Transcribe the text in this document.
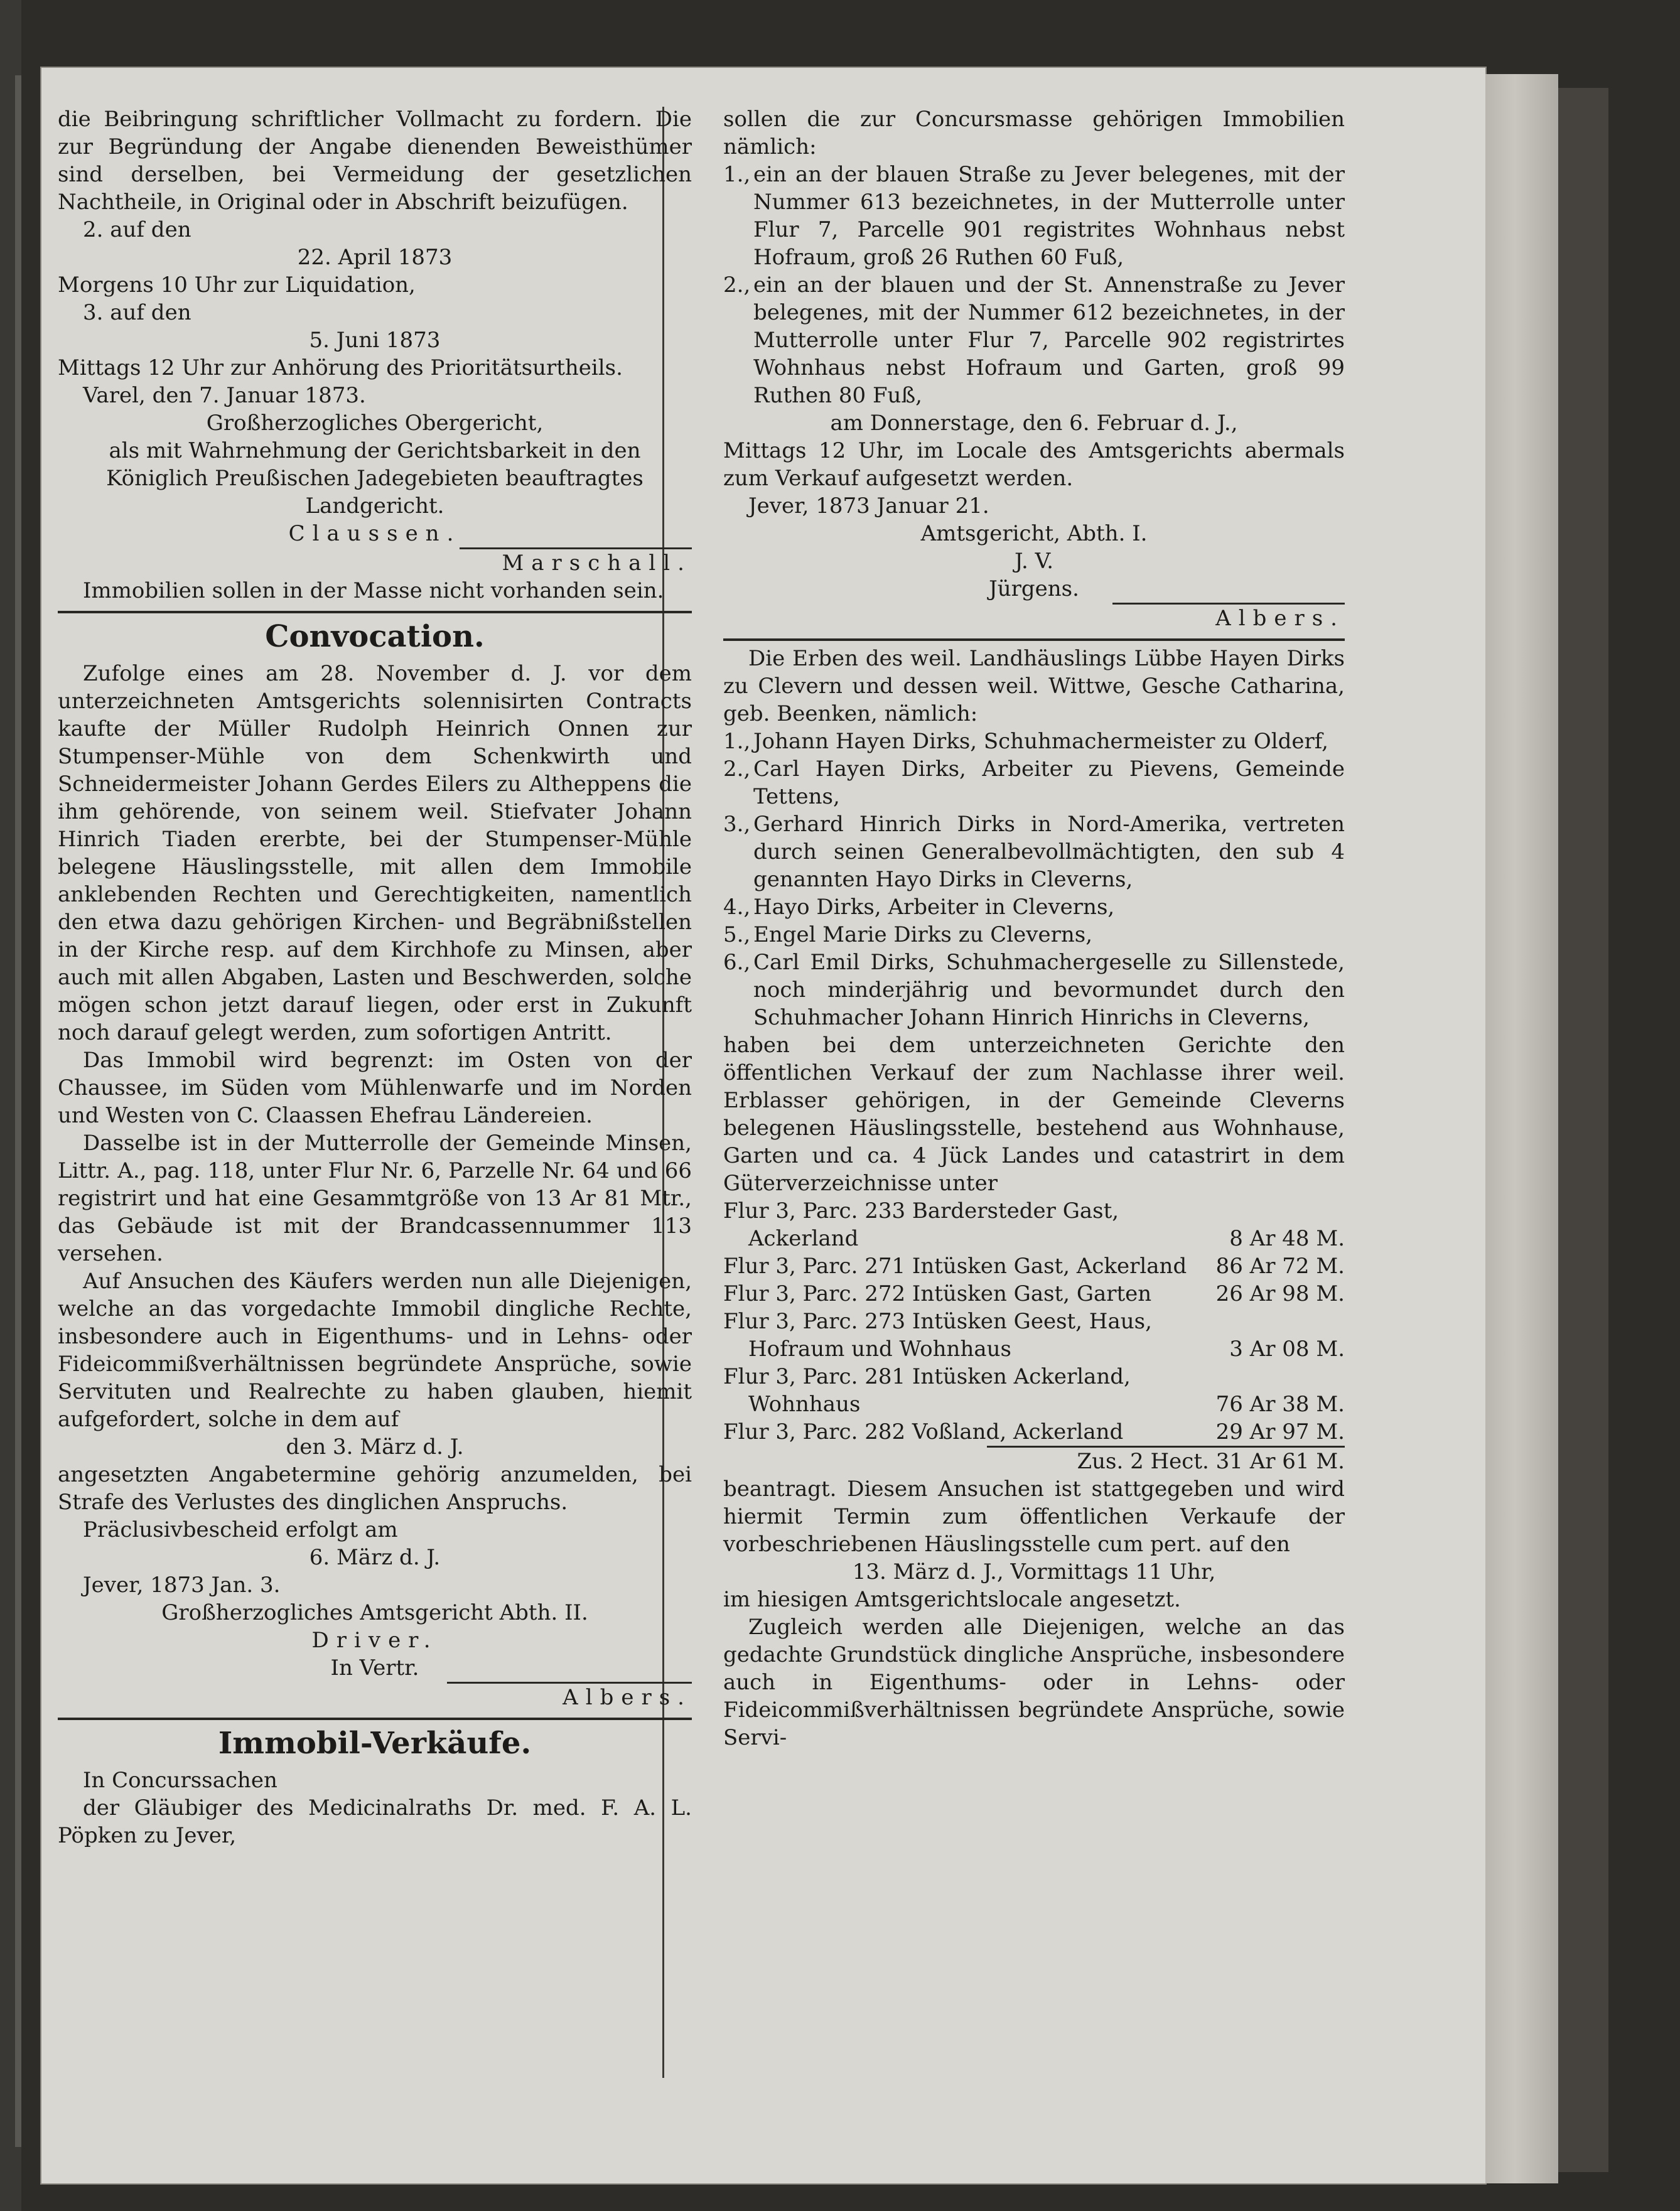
die Beibringung schriftlicher Vollmacht zu fordern. Die zur Begründung der Angabe dienenden Beweisthümer sind derselben, bei Vermeidung der gesetzlichen Nachtheile, in Original oder in Abschrift beizufügen.

2. auf den

22. April 1873

Morgens 10 Uhr zur Liquidation,

3. auf den

5. Juni 1873

Mittags 12 Uhr zur Anhörung des Prioritätsurtheils.

Varel, den 7. Januar 1873.

Großherzogliches Obergericht,

als mit Wahrnehmung der Gerichtsbarkeit in den Königlich Preußischen Jadegebieten beauftragtes Landgericht.

Claussen.

Marschall.

Immobilien sollen in der Masse nicht vorhanden sein.

Convocation.

Zufolge eines am 28. November d. J. vor dem unterzeichneten Amtsgerichts solennisirten Contracts kaufte der Müller Rudolph Heinrich Onnen zur Stumpenser-Mühle von dem Schenkwirth und Schneidermeister Johann Gerdes Eilers zu Altheppens die ihm gehörende, von seinem weil. Stiefvater Johann Hinrich Tiaden ererbte, bei der Stumpenser-Mühle belegene Häuslingsstelle, mit allen dem Immobile anklebenden Rechten und Gerechtigkeiten, namentlich den etwa dazu gehörigen Kirchen- und Begräbnißstellen in der Kirche resp. auf dem Kirchhofe zu Minsen, aber auch mit allen Abgaben, Lasten und Beschwerden, solche mögen schon jetzt darauf liegen, oder erst in Zukunft noch darauf gelegt werden, zum sofortigen Antritt.

Das Immobil wird begrenzt: im Osten von der Chaussee, im Süden vom Mühlenwarfe und im Norden und Westen von C. Claassen Ehefrau Ländereien.

Dasselbe ist in der Mutterrolle der Gemeinde Minsen, Littr. A., pag. 118, unter Flur Nr. 6, Parzelle Nr. 64 und 66 registrirt und hat eine Gesammtgröße von 13 Ar 81 Mtr., das Gebäude ist mit der Brandcassennummer 113 versehen.

Auf Ansuchen des Käufers werden nun alle Diejenigen, welche an das vorgedachte Immobil dingliche Rechte, insbesondere auch in Eigenthums- und in Lehns- oder Fideicommißverhältnissen begründete Ansprüche, sowie Servituten und Realrechte zu haben glauben, hiemit aufgefordert, solche in dem auf

den 3. März d. J.

angesetzten Angabetermine gehörig anzumelden, bei Strafe des Verlustes des dinglichen Anspruchs.

Präclusivbescheid erfolgt am

6. März d. J.

Jever, 1873 Jan. 3.

Großherzogliches Amtsgericht Abth. II.

Driver.

In Vertr.

Albers.

Immobil-Verkäufe.

In Concurssachen

der Gläubiger des Medicinalraths Dr. med. F. A. L. Pöpken zu Jever,

sollen die zur Concursmasse gehörigen Immobilien nämlich:

1., ein an der blauen Straße zu Jever belegenes, mit der Nummer 613 bezeichnetes, in der Mutterrolle unter Flur 7, Parcelle 901 registrites Wohnhaus nebst Hofraum, groß 26 Ruthen 60 Fuß,
2., ein an der blauen und der St. Annenstraße zu Jever belegenes, mit der Nummer 612 bezeichnetes, in der Mutterrolle unter Flur 7, Parcelle 902 registrirtes Wohnhaus nebst Hofraum und Garten, groß 99 Ruthen 80 Fuß,

am Donnerstage, den 6. Februar d. J.,

Mittags 12 Uhr, im Locale des Amtsgerichts abermals zum Verkauf aufgesetzt werden.

Jever, 1873 Januar 21.

Amtsgericht, Abth. I.

J. V.

Jürgens.

Albers.

Die Erben des weil. Landhäuslings Lübbe Hayen Dirks zu Clevern und dessen weil. Wittwe, Gesche Catharina, geb. Beenken, nämlich:

1., Johann Hayen Dirks, Schuhmachermeister zu Olderf,
2., Carl Hayen Dirks, Arbeiter zu Pievens, Gemeinde Tettens,
3., Gerhard Hinrich Dirks in Nord-Amerika, vertreten durch seinen Generalbevollmächtigten, den sub 4 genannten Hayo Dirks in Cleverns,
4., Hayo Dirks, Arbeiter in Cleverns,
5., Engel Marie Dirks zu Cleverns,
6., Carl Emil Dirks, Schuhmachergeselle zu Sillenstede, noch minderjährig und bevormundet durch den Schuhmacher Johann Hinrich Hinrichs in Cleverns,

haben bei dem unterzeichneten Gerichte den öffentlichen Verkauf der zum Nachlasse ihrer weil. Erblasser gehörigen, in der Gemeinde Cleverns belegenen Häuslingsstelle, bestehend aus Wohnhause, Garten und ca. 4 Jück Landes und catastrirt in dem Güterverzeichnisse unter

Flur 3, Parc. 233 Bardersteder Gast, Ackerland	8 Ar 48 M.
Flur 3, Parc. 271 Intüsken Gast, Ackerland	86 Ar 72 M.
Flur 3, Parc. 272 Intüsken Gast, Garten	26 Ar 98 M.
Flur 3, Parc. 273 Intüsken Geest, Haus, Hofraum und Wohnhaus	3 Ar 08 M.
Flur 3, Parc. 281 Intüsken Ackerland, Wohnhaus	76 Ar 38 M.
Flur 3, Parc. 282 Voßland, Ackerland	29 Ar 97 M.

Zus. 2 Hect. 31 Ar 61 M.

beantragt. Diesem Ansuchen ist stattgegeben und wird hiermit Termin zum öffentlichen Verkaufe der vorbeschriebenen Häuslingsstelle cum pert. auf den

13. März d. J., Vormittags 11 Uhr,

im hiesigen Amtsgerichtslocale angesetzt.

Zugleich werden alle Diejenigen, welche an das gedachte Grundstück dingliche Ansprüche, insbesondere auch in Eigenthums- oder in Lehns- oder Fideicommißverhältnissen begründete Ansprüche, sowie Servi-
